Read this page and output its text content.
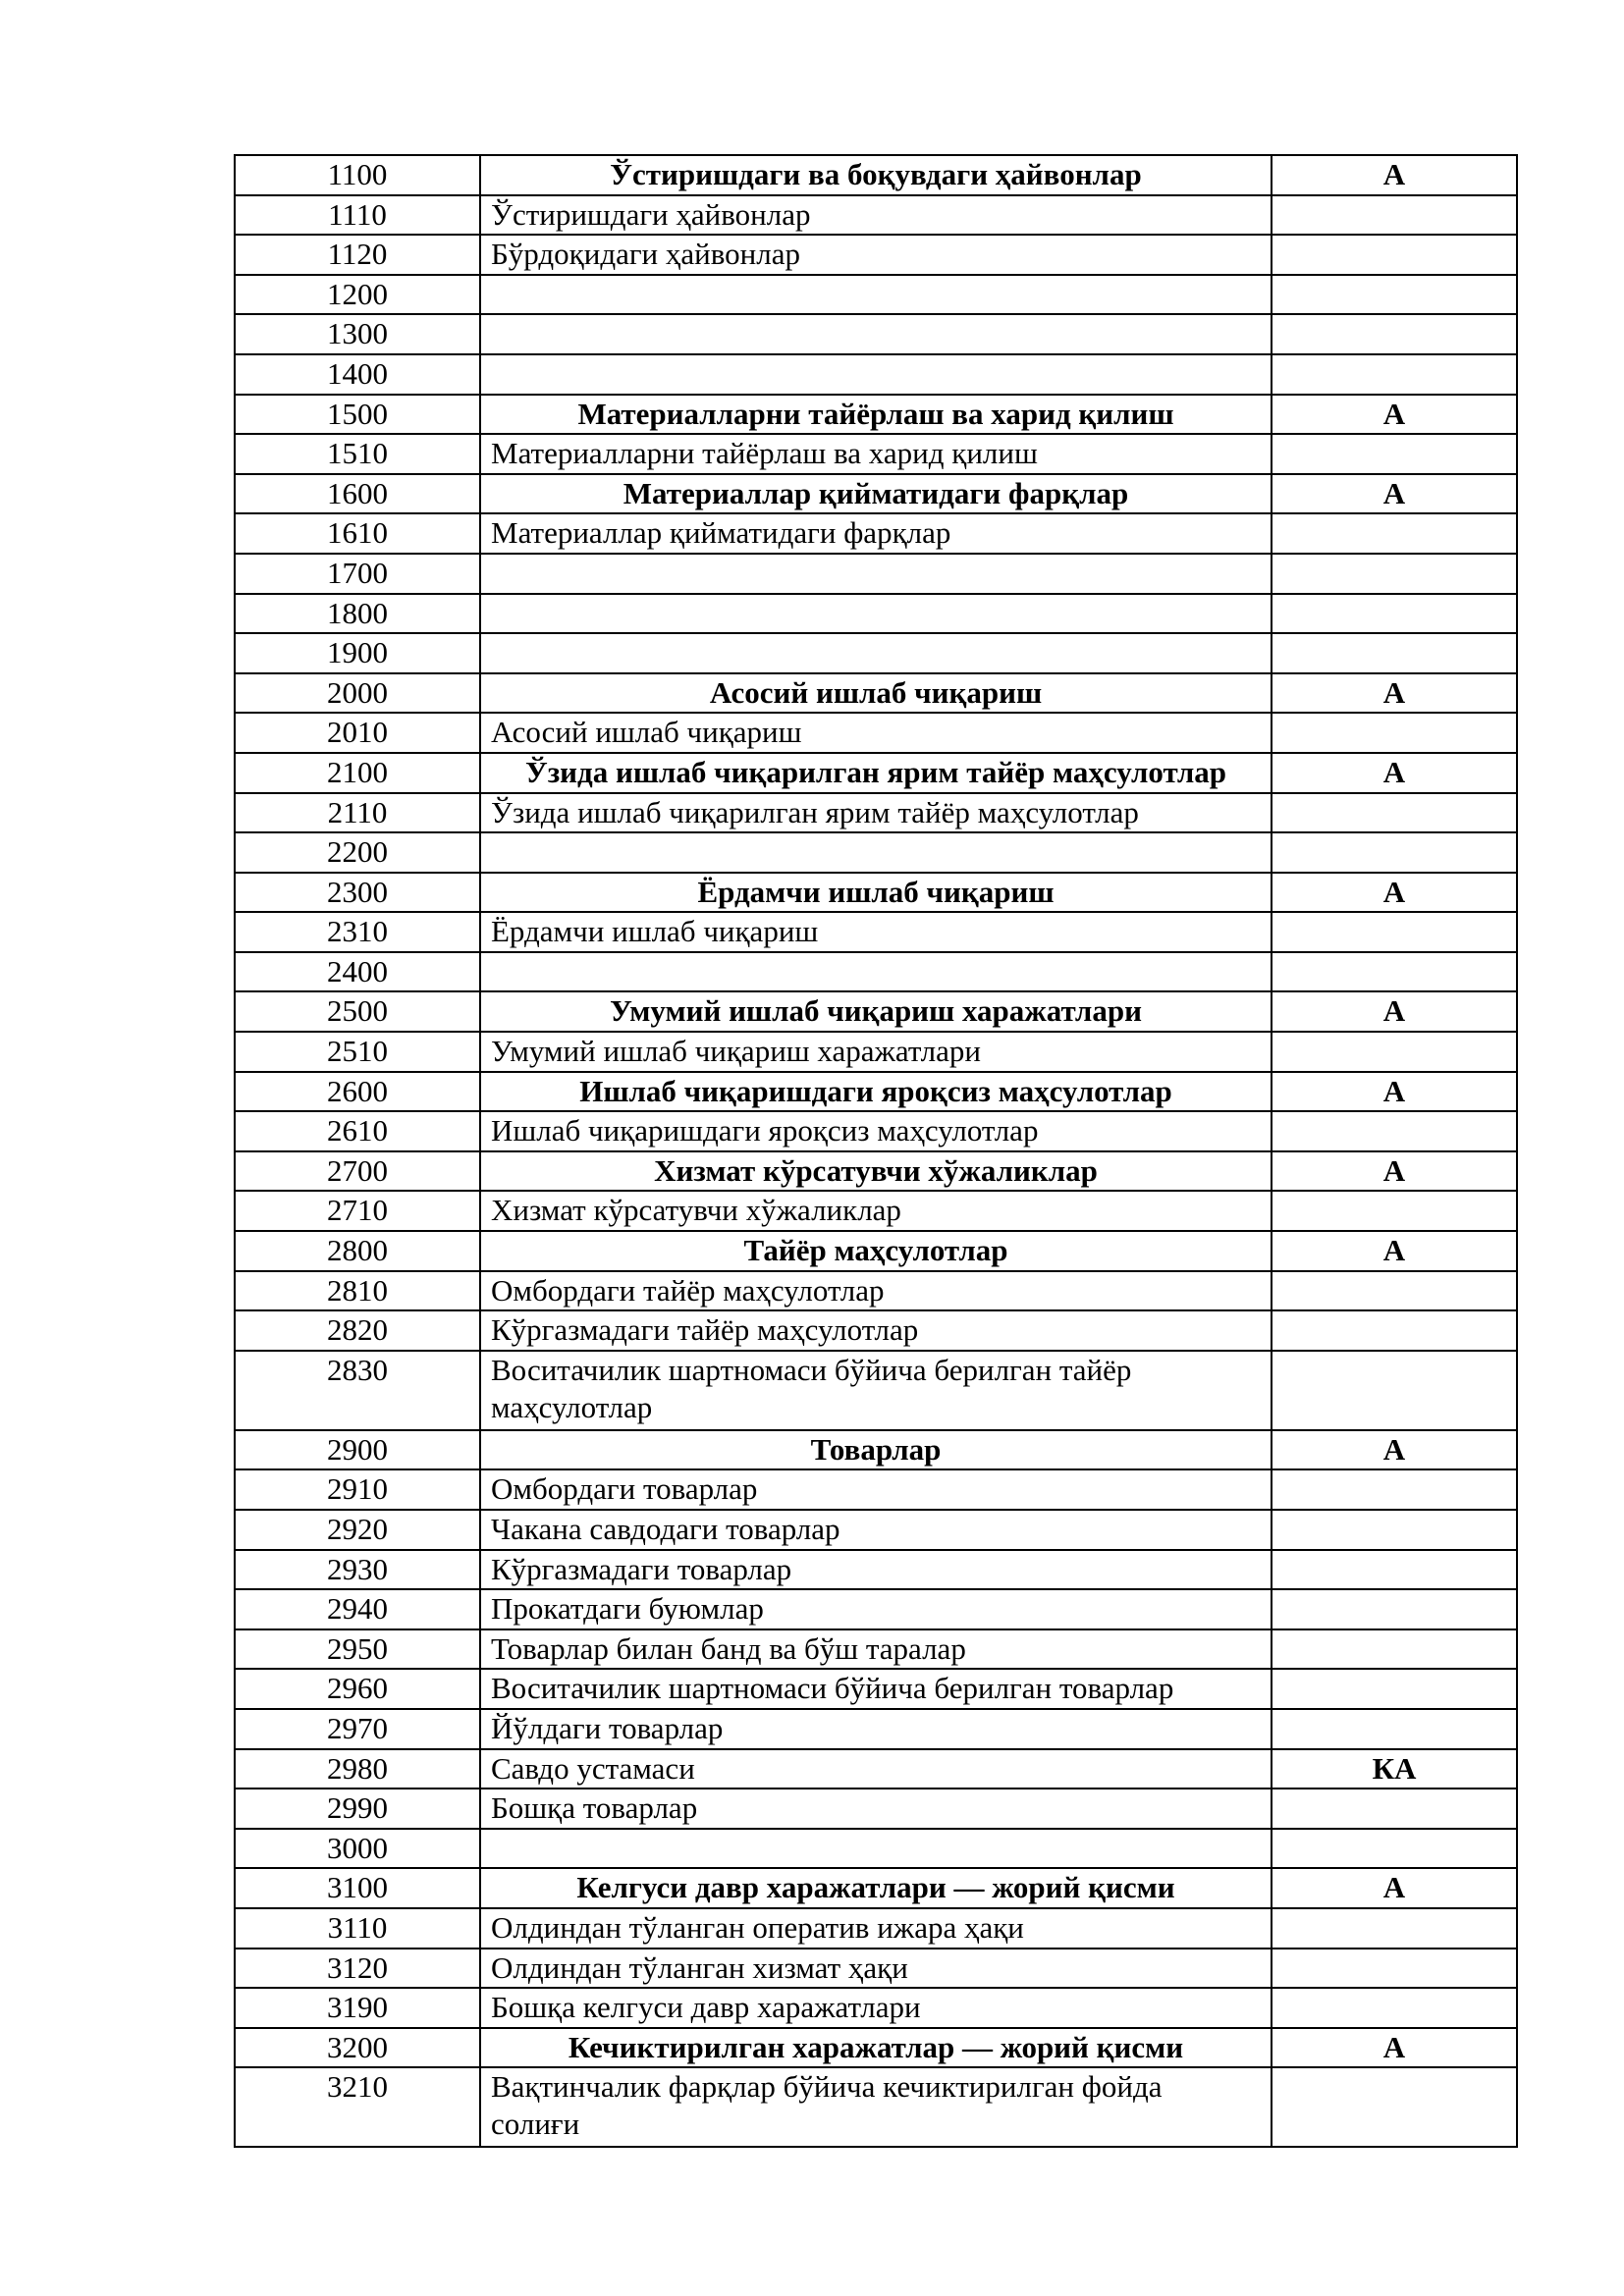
1100	Ўстиришдаги ва боқувдаги ҳайвонлар	А
1110	Ўстиришдаги ҳайвонлар	
1120	Бўрдоқидаги ҳайвонлар	
1200		
1300		
1400		
1500	Материалларни тайёрлаш ва харид қилиш	А
1510	Материалларни тайёрлаш ва харид қилиш	
1600	Материаллар қийматидаги фарқлар	А
1610	Материаллар қийматидаги фарқлар	
1700		
1800		
1900		
2000	Асосий ишлаб чиқариш	А
2010	Асосий ишлаб чиқариш	
2100	Ўзида ишлаб чиқарилган ярим тайёр маҳсулотлар	А
2110	Ўзида ишлаб чиқарилган ярим тайёр маҳсулотлар	
2200		
2300	Ёрдамчи ишлаб чиқариш	А
2310	Ёрдамчи ишлаб чиқариш	
2400		
2500	Умумий ишлаб чиқариш харажатлари	А
2510	Умумий ишлаб чиқариш харажатлари	
2600	Ишлаб чиқаришдаги яроқсиз маҳсулотлар	А
2610	Ишлаб чиқаришдаги яроқсиз маҳсулотлар	
2700	Хизмат кўрсатувчи хўжаликлар	А
2710	Хизмат кўрсатувчи хўжаликлар	
2800	Тайёр маҳсулотлар	А
2810	Омбордаги тайёр маҳсулотлар	
2820	Кўргазмадаги тайёр маҳсулотлар	
2830	Воситачилик шартномаси бўйича берилган тайёр
маҳсулотлар	

2900	Товарлар	А
2910	Омбордаги товарлар	
2920	Чакана савдодаги товарлар	
2930	Кўргазмадаги товарлар	
2940	Прокатдаги буюмлар	
2950	Товарлар билан банд ва бўш таралар	
2960	Воситачилик шартномаси бўйича берилган товарлар	
2970	Йўлдаги товарлар	
2980	Савдо устамаси	КА
2990	Бошқа товарлар	
3000		
3100	Келгуси давр харажатлари — жорий қисми	А
3110	Олдиндан тўланган оператив ижара ҳақи	
3120	Олдиндан тўланган хизмат ҳақи	
3190	Бошқа келгуси давр харажатлари	
3200	Кечиктирилган харажатлар — жорий қисми	А
3210	Вақтинчалик фарқлар бўйича кечиктирилган фойда
солиғи	
